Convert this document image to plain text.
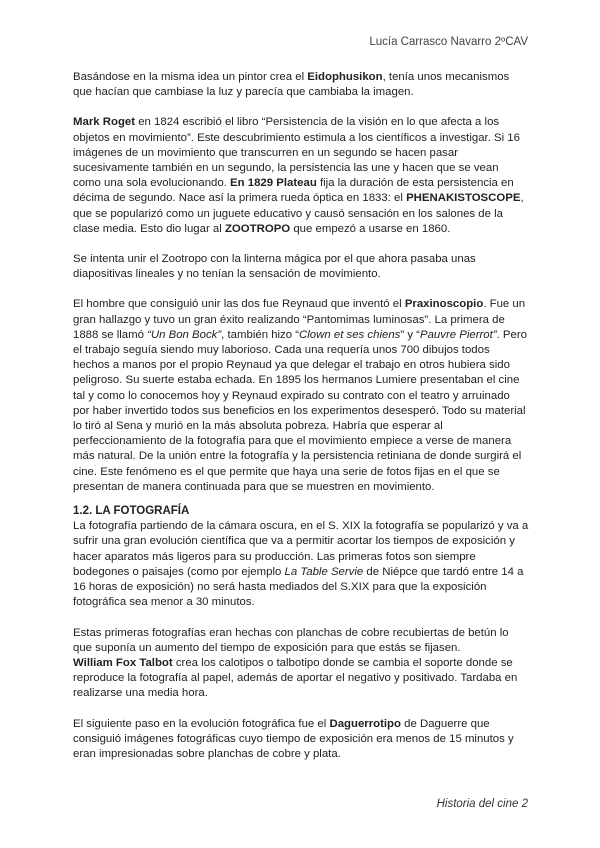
Lucía Carrasco Navarro 2ºCAV

Basándose en la misma idea un pintor crea el Eidophusikon, tenía unos mecanismos que hacían que cambiase la luz y parecía que cambiaba la imagen.

Mark Roget en 1824 escribió el libro “Persistencia de la visión en lo que afecta a los objetos en movimiento”. Este descubrimiento estimula a los científicos a investigar. Si 16 imágenes de un movimiento que transcurren en un segundo se hacen pasar sucesivamente también en un segundo, la persistencia las une y hacen que se vean como una sola evolucionando. En 1829 Plateau fija la duración de esta persistencia en décima de segundo. Nace así la primera rueda óptica en 1833: el PHENAKISTOSCOPE, que se popularizó como un juguete educativo y causó sensación en los salones de la clase media. Esto dio lugar al ZOOTROPO que empezó a usarse en 1860.

Se intenta unir el Zootropo con la linterna mágica por el que ahora pasaba unas diapositivas lineales y no tenían la sensación de movimiento.

El hombre que consiguió unir las dos fue Reynaud que inventó el Praxinoscopio. Fue un gran hallazgo y tuvo un gran éxito realizando “Pantomimas luminosas”. La primera de 1888 se llamó “Un Bon Bock”, también hizo “Clown et ses chiens” y “Pauvre Pierrot”. Pero el trabajo seguía siendo muy laborioso. Cada una requería unos 700 dibujos todos hechos a manos por el propio Reynaud ya que delegar el trabajo en otros hubiera sido peligroso. Su suerte estaba echada. En 1895 los hermanos Lumiere presentaban el cine tal y como lo conocemos hoy y Reynaud expirado su contrato con el teatro y arruinado por haber invertido todos sus beneficios en los experimentos desesperó. Todo su material lo tiró al Sena y murió en la más absoluta pobreza. Habría que esperar al perfeccionamiento de la fotografía para que el movimiento empiece a verse de manera más natural. De la unión entre la fotografía y la persistencia retiniana de donde surgirá el cine. Este fenómeno es el que permite que haya una serie de fotos fijas en el que se presentan de manera continuada para que se muestren en movimiento.

1.2. LA FOTOGRAFÍA

La fotografía partiendo de la cámara oscura, en el S. XIX la fotografía se popularizó y va a sufrir una gran evolución científica que va a permitir acortar los tiempos de exposición y hacer aparatos más ligeros para su producción. Las primeras fotos son siempre bodegones o paisajes (como por ejemplo La Table Servie de Niépce que tardó entre 14 a 16 horas de exposición) no será hasta mediados del S.XIX para que la exposición fotográfica sea menor a 30 minutos.

Estas primeras fotografías eran hechas con planchas de cobre recubiertas de betún lo que suponía un aumento del tiempo de exposición para que estás se fijasen.

William Fox Talbot crea los calotipos o talbotipo donde se cambia el soporte donde se reproduce la fotografía al papel, además de aportar el negativo y positivado. Tardaba en realizarse una media hora.

El siguiente paso en la evolución fotográfica fue el Daguerrotipo de Daguerre que consiguió imágenes fotográficas cuyo tiempo de exposición era menos de 15 minutos y eran impresionadas sobre planchas de cobre y plata.

Historia del cine 2
